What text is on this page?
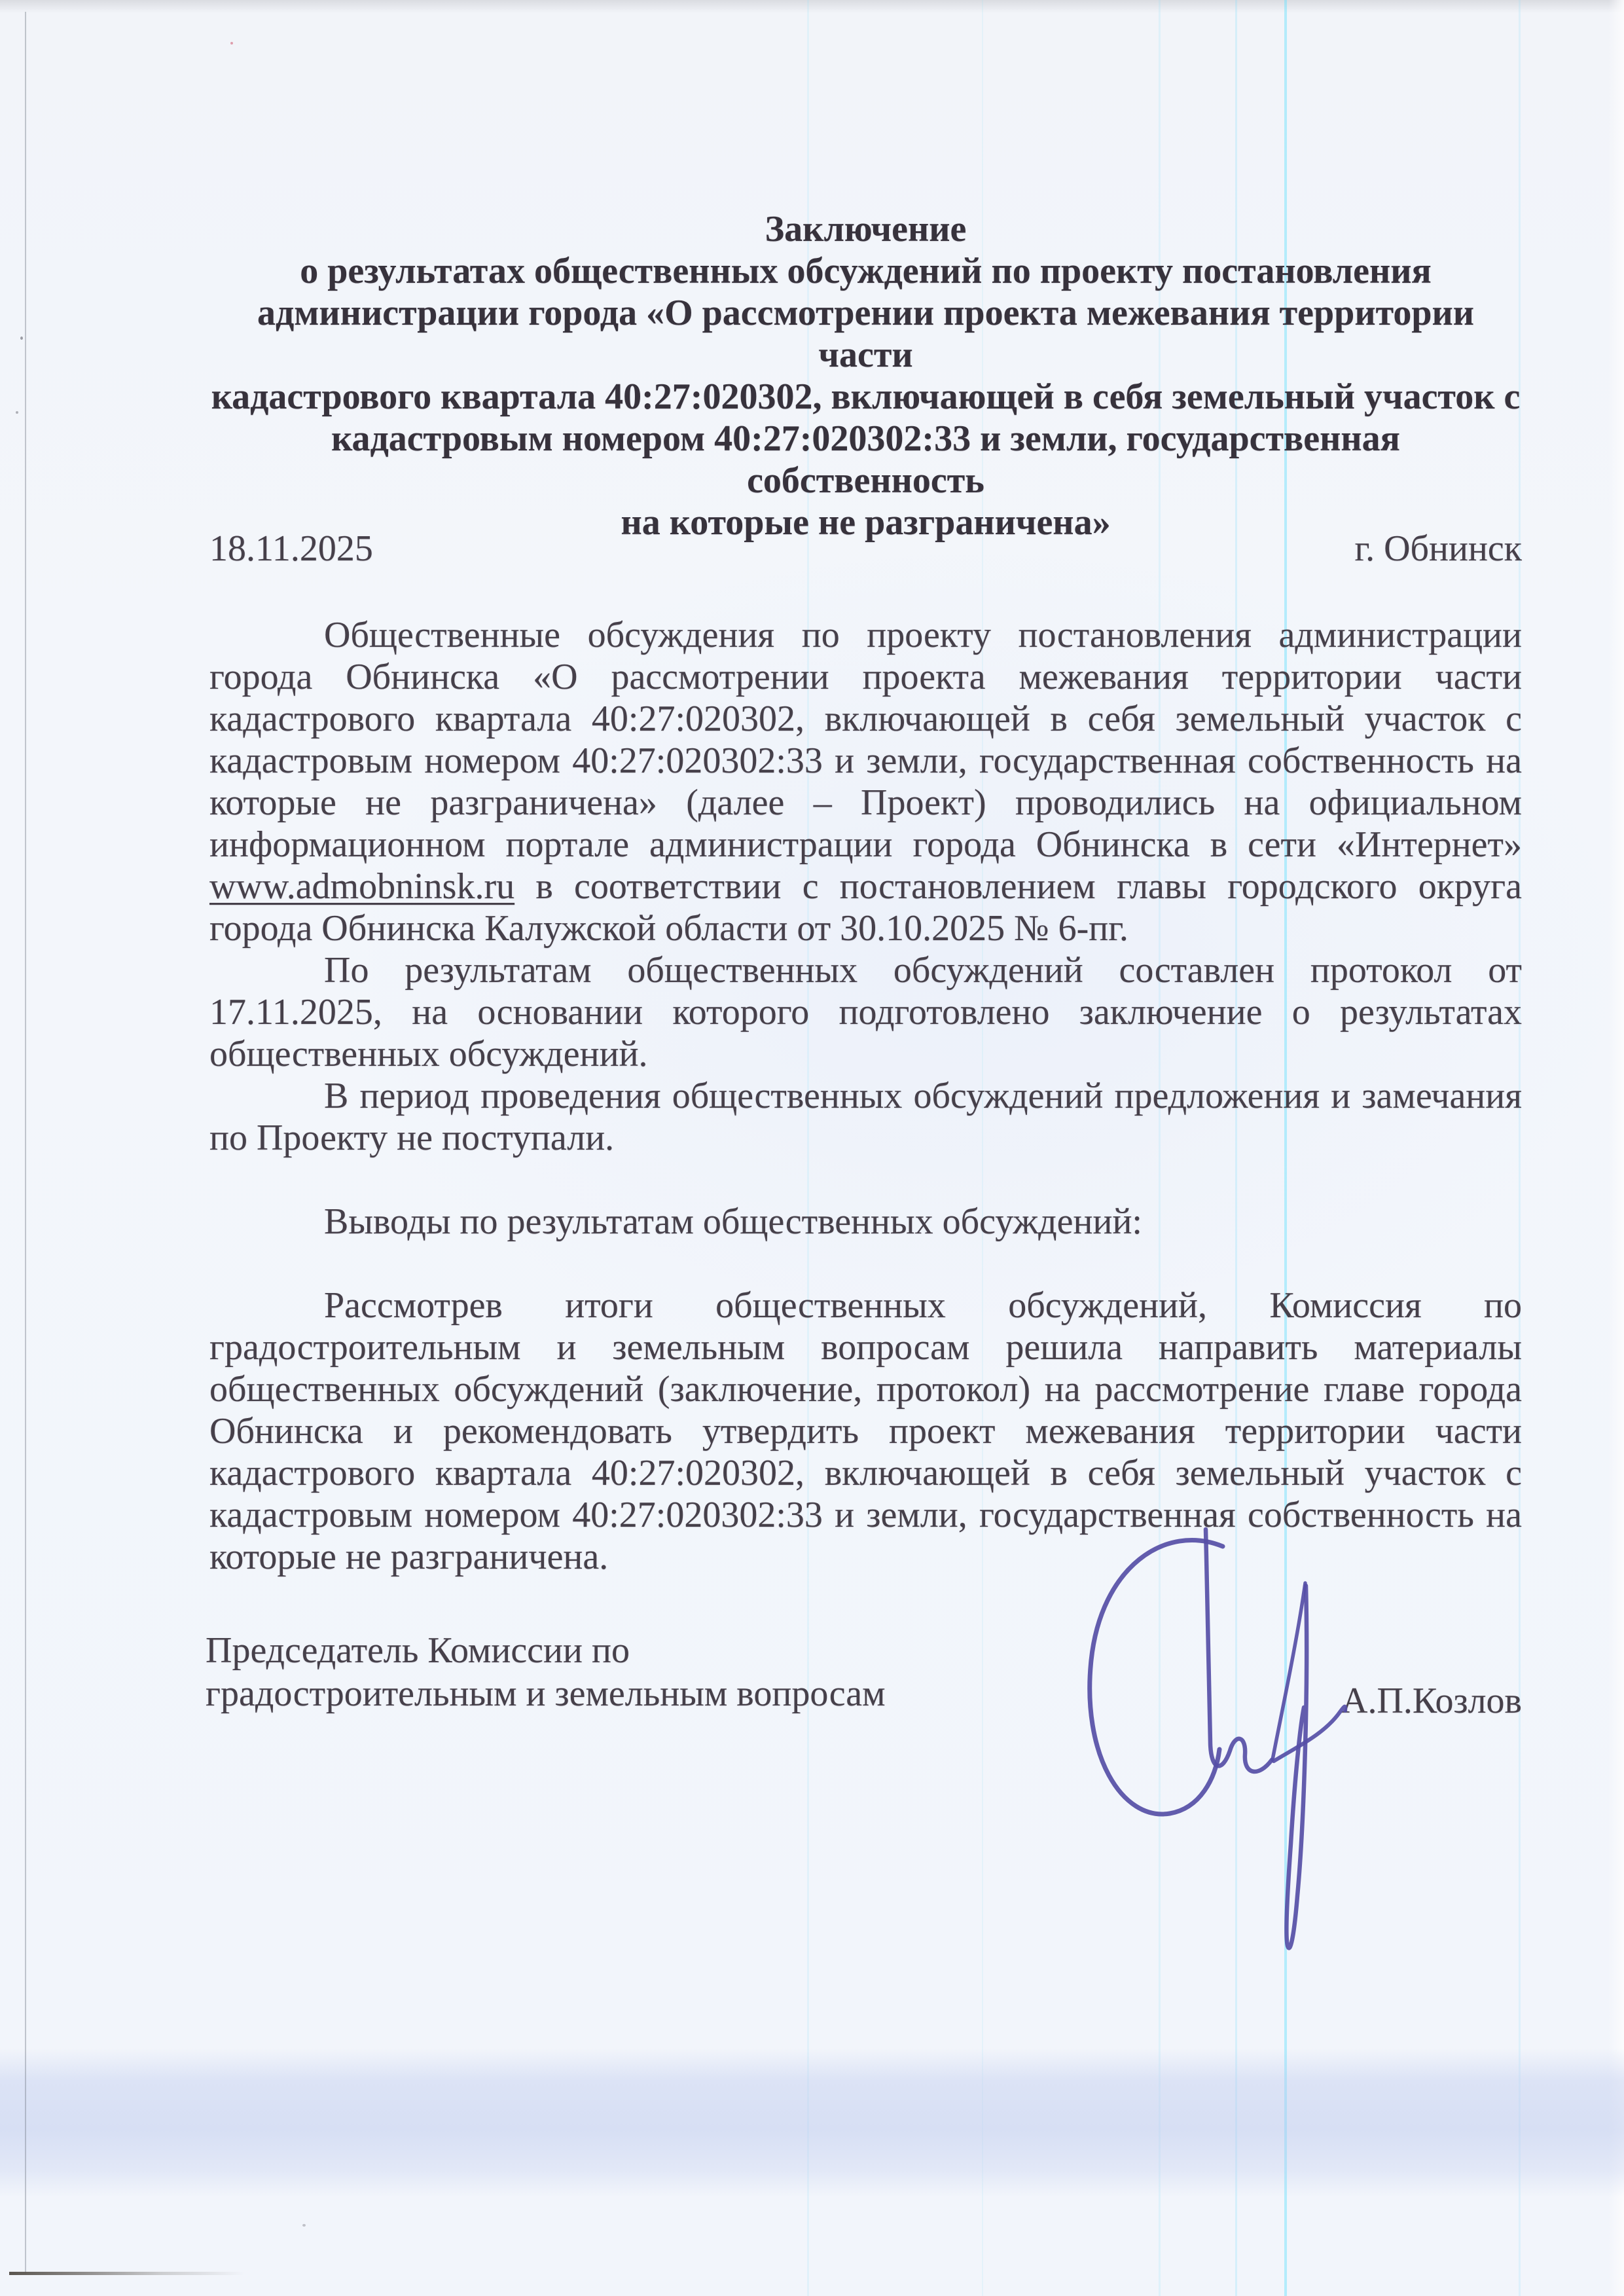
Заключение
о результатах общественных обсуждений по проекту постановления
администрации города «О рассмотрении проекта межевания территории части
кадастрового квартала 40:27:020302, включающей в себя земельный участок с
кадастровым номером 40:27:020302:33 и земли, государственная собственность
на которые не разграничена»
18.11.2025	г. Обнинск

Общественные обсуждения по проекту постановления администрации города Обнинска «О рассмотрении проекта межевания территории части кадастрового квартала 40:27:020302, включающей в себя земельный участок с кадастровым номером 40:27:020302:33 и земли, государственная собственность на которые не разграничена» (далее – Проект) проводились на официальном информационном портале администрации города Обнинска в сети «Интернет» www.admobninsk.ru в соответствии с постановлением главы городского округа города Обнинска Калужской области от 30.10.2025 № 6-пг.

По результатам общественных обсуждений составлен протокол от 17.11.2025, на основании которого подготовлено заключение о результатах общественных обсуждений.

В период проведения общественных обсуждений предложения и замечания по Проекту не поступали.

Выводы по результатам общественных обсуждений:

Рассмотрев итоги общественных обсуждений, Комиссия по градостроительным и земельным вопросам решила направить материалы общественных обсуждений (заключение, протокол) на рассмотрение главе города Обнинска и рекомендовать утвердить проект межевания территории части кадастрового квартала 40:27:020302, включающей в себя земельный участок с кадастровым номером 40:27:020302:33 и земли, государственная собственность на которые не разграничена.

Председатель Комиссии по
градостроительным и земельным вопросам	А.П.Козлов
